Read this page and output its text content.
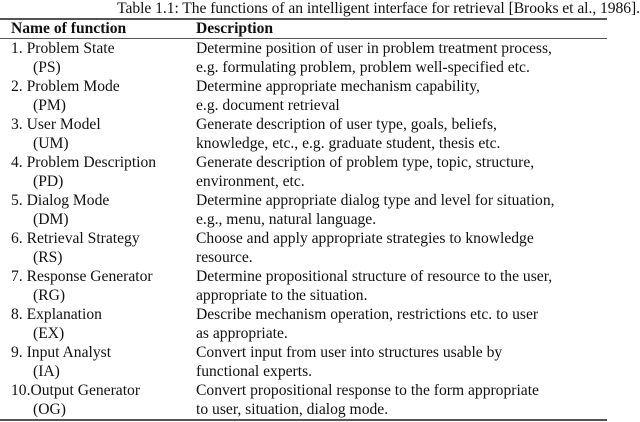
Table 1.1: The functions of an intelligent interface for retrieval [Brooks et al., 1986].
Name of function	Description
1. Problem State
(PS)
Determine position of user in problem treatment process,
e.g. formulating problem, problem well-specified etc.
2. Problem Mode
(PM)
Determine appropriate mechanism capability,
e.g. document retrieval
3. User Model
(UM)
Generate description of user type, goals, beliefs,
knowledge, etc., e.g. graduate student, thesis etc.
4. Problem Description
(PD)
Generate description of problem type, topic, structure,
environment, etc.
5. Dialog Mode
(DM)
Determine appropriate dialog type and level for situation,
e.g., menu, natural language.
6. Retrieval Strategy
(RS)
Choose and apply appropriate strategies to knowledge
resource.
7. Response Generator
(RG)
Determine propositional structure of resource to the user,
appropriate to the situation.
8. Explanation
(EX)
Describe mechanism operation, restrictions etc. to user
as appropriate.
9. Input Analyst
(IA)
Convert input from user into structures usable by
functional experts.
10.Output Generator
(OG)
Convert propositional response to the form appropriate
to user, situation, dialog mode.
